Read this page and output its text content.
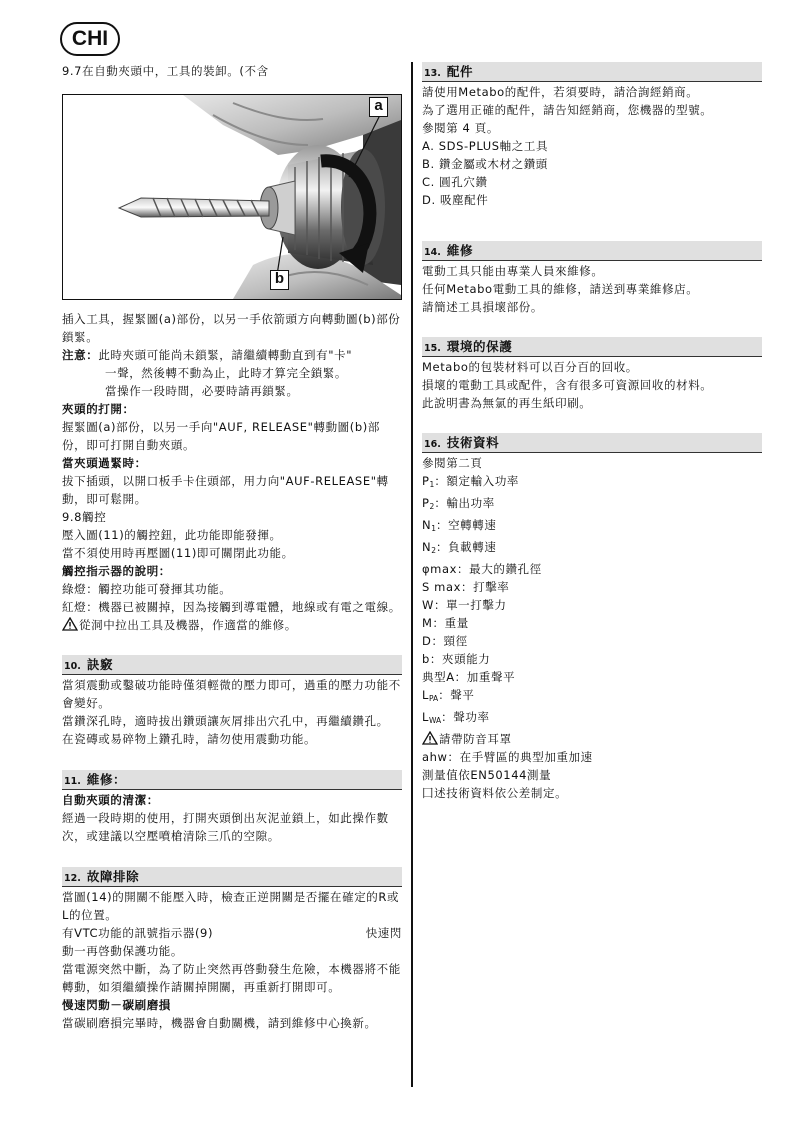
CHI

9.7在自動夾頭中，工具的裝卸。(不含

a
b

插入工具，握緊圖(a)部份，以另一手依箭頭方向轉動圖(b)部份鎖緊。

注意：此時夾頭可能尚未鎖緊，請繼續轉動直到有"卡"

一聲，然後轉不動為止，此時才算完全鎖緊。

當操作一段時間，必要時請再鎖緊。

夾頭的打開：

握緊圖(a)部份，以另一手向"AUF, RELEASE"轉動圖(b)部份，即可打開自動夾頭。

當夾頭過緊時：

拔下插頭，以開口板手卡住頭部，用力向"AUF-RELEASE"轉動，即可鬆開。

9.8觸控

壓入圖(11)的觸控鈕，此功能即能發揮。

當不須使用時再壓圖(11)即可關閉此功能。

觸控指示器的說明：

綠燈：觸控功能可發揮其功能。

紅燈：機器已被關掉，因為接觸到導電體，地線或有電之電線。

從洞中拉出工具及機器，作適當的維修。

10. 訣竅

當須震動或鑿破功能時僅須輕微的壓力即可，過重的壓力功能不會變好。

當鑽深孔時，適時拔出鑽頭讓灰屑排出穴孔中，再繼續鑽孔。

在瓷磚或易碎物上鑽孔時，請勿使用震動功能。

11. 維修：

自動夾頭的清潔：

經過一段時期的使用，打開夾頭倒出灰泥並鎖上，如此操作數次，或建議以空壓噴槍清除三爪的空隙。

12. 故障排除

當圖(14)的開關不能壓入時，檢查正逆開關是否擺在確定的R或L的位置。

有VTC功能的訊號指示器(9)	快速閃

動一再啓動保護功能。

當電源突然中斷，為了防止突然再啓動發生危險，本機器將不能轉動，如須繼續操作請關掉開關，再重新打開即可。

慢速閃動－碳刷磨損

當碳刷磨損完畢時，機器會自動關機，請到維修中心換新。

13. 配件

請使用Metabo的配件，若須要時，請洽詢經銷商。

為了選用正確的配件，請告知經銷商，您機器的型號。

參閱第 4 頁。

A. SDS-PLUS軸之工具

B. 鑽金屬或木材之鑽頭

C. 圓孔穴鑽

D. 吸塵配件

14. 維修

電動工具只能由專業人員來維修。

任何Metabo電動工具的維修，請送到專業維修店。

請簡述工具損壞部份。

15. 環境的保護

Metabo的包裝材料可以百分百的回收。

損壞的電動工具或配件，含有很多可資源回收的材料。

此說明書為無氯的再生紙印刷。

16. 技術資料

參閱第二頁

$P_1$：額定輸入功率

$P_2$：輸出功率

$N_1$：空轉轉速

$N_2$：負載轉速

φmax：最大的鑽孔徑

S max：打擊率

W：單一打擊力

M：重量

D：頸徑

b：夾頭能力

典型A：加重聲平

$L_{PA}$：聲平

$L_{WA}$：聲功率

請帶防音耳罩

ahw：在手臂區的典型加重加速

測量值依EN50144測量

囗述技術資料依公差制定。
